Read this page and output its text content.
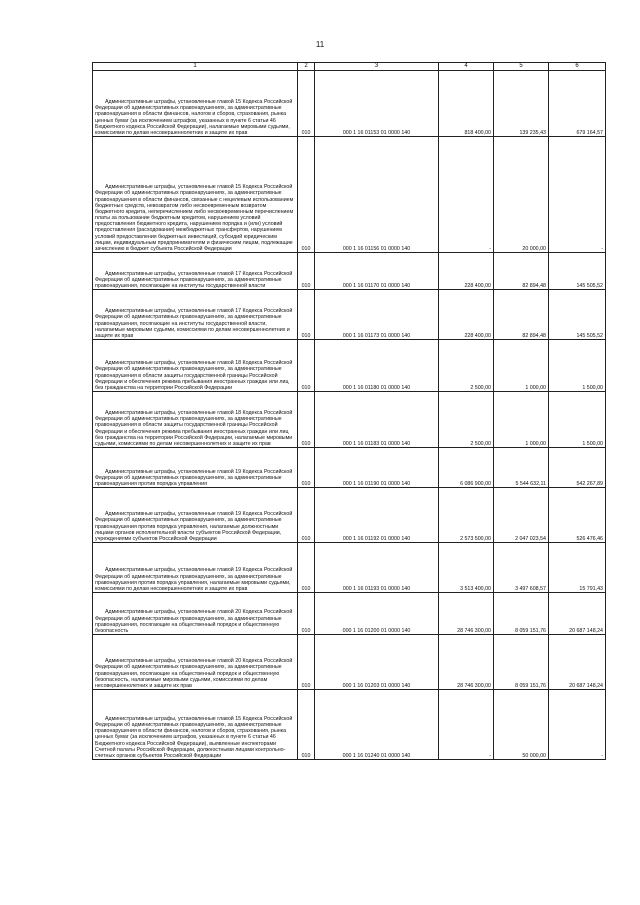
11
1	2	3	4	5	6

Административные штрафы, установленные главой 15 Кодекса Российской Федерации об административных правонарушениях, за административные правонарушения в области финансов, налогов и сборов, страхования, рынка ценных бумаг (за исключением штрафов, указанных в пункте 6 статьи 46 Бюджетного кодекса Российской Федерации), налагаемые мировыми судьями, комиссиями по делам несовершеннолетних и защите их прав	010	000 1 16 01153 01 0000 140	818 400,00	139 235,43	679 164,57

Административные штрафы, установленные главой 15 Кодекса Российской Федерации об административных правонарушениях, за административные правонарушения в области финансов, связанные с нецелевым использованием бюджетных средств, невозвратом либо несвоевременным возвратом бюджетного кредита, неперечислением либо несвоевременным перечислением платы за пользование бюджетным кредитом, нарушением условий предоставления бюджетного кредита, нарушением порядка и (или) условий предоставления (расходования) межбюджетных трансфертов, нарушением условий предоставления бюджетных инвестиций, субсидий юридическим лицам, индивидуальным предпринимателям и физическим лицам, подлежащие зачислению в бюджет субъекта Российской Федерации	010	000 1 16 01156 01 0000 140	-	20 000,00	-

Административные штрафы, установленные главой 17 Кодекса Российской Федерации об административных правонарушениях, за административные правонарушения, посягающие на институты государственной власти	010	000 1 16 01170 01 0000 140	228 400,00	82 894,48	145 505,52

Административные штрафы, установленные главой 17 Кодекса Российской Федерации об административных правонарушениях, за административные правонарушения, посягающие на институты государственной власти, налагаемые мировыми судьями, комиссиями по делам несовершеннолетних и защите их прав	010	000 1 16 01173 01 0000 140	228 400,00	82 894,48	145 505,52

Административные штрафы, установленные главой 18 Кодекса Российской Федерации об административных правонарушениях, за административные правонарушения в области защиты государственной границы Российской Федерации и обеспечения режима пребывания иностранных граждан или лиц без гражданства на территории Российской Федерации	010	000 1 16 01180 01 0000 140	2 500,00	1 000,00	1 500,00

Административные штрафы, установленные главой 18 Кодекса Российской Федерации об административных правонарушениях, за административные правонарушения в области защиты государственной границы Российской Федерации и обеспечения режима пребывания иностранных граждан или лиц без гражданства на территории Российской Федерации, налагаемые мировыми судьями, комиссиями по делам несовершеннолетних и защите их прав	010	000 1 16 01183 01 0000 140	2 500,00	1 000,00	1 500,00

Административные штрафы, установленные главой 19 Кодекса Российской Федерации об административных правонарушениях, за административные правонарушения против порядка управления	010	000 1 16 01190 01 0000 140	6 086 900,00	5 544 632,11	542 267,89

Административные штрафы, установленные главой 19 Кодекса Российской Федерации об административных правонарушениях, за административные правонарушения против порядка управления, налагаемые должностными лицами органов исполнительной власти субъектов Российской Федерации, учреждениями субъектов Российской Федерации	010	000 1 16 01192 01 0000 140	2 573 500,00	2 047 023,54	526 476,46

Административные штрафы, установленные главой 19 Кодекса Российской Федерации об административных правонарушениях, за административные правонарушения против порядка управления, налагаемые мировыми судьями, комиссиями по делам несовершеннолетних и защите их прав	010	000 1 16 01193 01 0000 140	3 513 400,00	3 497 608,57	15 791,43

Административные штрафы, установленные главой 20 Кодекса Российской Федерации об административных правонарушениях, за административные правонарушения, посягающие на общественный порядок и общественную безопасность	010	000 1 16 01200 01 0000 140	28 746 300,00	8 059 151,76	20 687 148,24

Административные штрафы, установленные главой 20 Кодекса Российской Федерации об административных правонарушениях, за административные правонарушения, посягающие на общественный порядок и общественную безопасность, налагаемые мировыми судьями, комиссиями по делам несовершеннолетних и защите их прав	010	000 1 16 01203 01 0000 140	28 746 300,00	8 059 151,76	20 687 148,24

Административные штрафы, установленные главой 15 Кодекса Российской Федерации об административных правонарушениях, за административные правонарушения в области финансов, налогов и сборов, страхования, рынка ценных бумаг (за исключением штрафов, указанных в пункте 6 статьи 46 Бюджетного кодекса Российской Федерации), выявленные инспекторами Счетной палаты Российской Федерации, должностными лицами контрольно-счетных органов субъектов Российской Федерации	010	000 1 16 01240 01 0000 140	-	50 000,00	-
